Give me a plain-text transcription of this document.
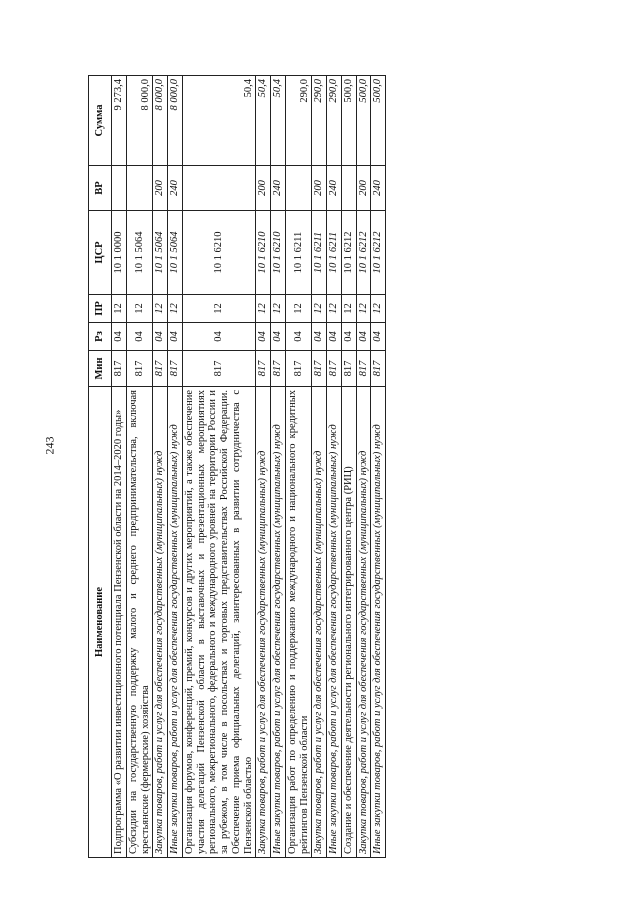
243
Наименование	Мин	Рз	ПР	ЦСР	ВР	Сумма
Подпрограмма «О развитии инвестиционного потенциала Пензенской области на 2014–2020 годы»	817	04	12	10 1 0000		9 273,4
Субсидии на государственную поддержку малого и среднего предпринимательства, включая крестьянские (фермерские) хозяйства	817	04	12	10 1 5064		8 000,0
Закупка товаров, работ и услуг для обеспечения государственных (муниципальных) нужд	817	04	12	10 1 5064	200	8 000,0
Иные закупки товаров, работ и услуг для обеспечения государственных (муниципальных) нужд	817	04	12	10 1 5064	240	8 000,0
Организация форумов, конференций, премий, конкурсов и других мероприятий, а также обеспечение участия делегаций Пензенской области в выставочных и презентационных мероприятиях регионального, межрегионального, федерального и международного уровней на территории России и за рубежом, в том числе в посольствах и торговых представительствах Российской Федерации. Обеспечение приема официальных делегаций, заинтересованных в развитии сотрудничества с Пензенской областью	817	04	12	10 1 6210		50,4
Закупка товаров, работ и услуг для обеспечения государственных (муниципальных) нужд	817	04	12	10 1 6210	200	50,4
Иные закупки товаров, работ и услуг для обеспечения государственных (муниципальных) нужд	817	04	12	10 1 6210	240	50,4
Организация работ по определению и поддержанию международного и национального кредитных рейтингов Пензенской области	817	04	12	10 1 6211		290,0
Закупка товаров, работ и услуг для обеспечения государственных (муниципальных) нужд	817	04	12	10 1 6211	200	290,0
Иные закупки товаров, работ и услуг для обеспечения государственных (муниципальных) нужд	817	04	12	10 1 6211	240	290,0
Создание и обеспечение деятельности регионального интегрированного центра (РИЦ)	817	04	12	10 1 6212		500,0
Закупка товаров, работ и услуг для обеспечения государственных (муниципальных) нужд	817	04	12	10 1 6212	200	500,0
Иные закупки товаров, работ и услуг для обеспечения государственных (муниципальных) нужд	817	04	12	10 1 6212	240	500,0
